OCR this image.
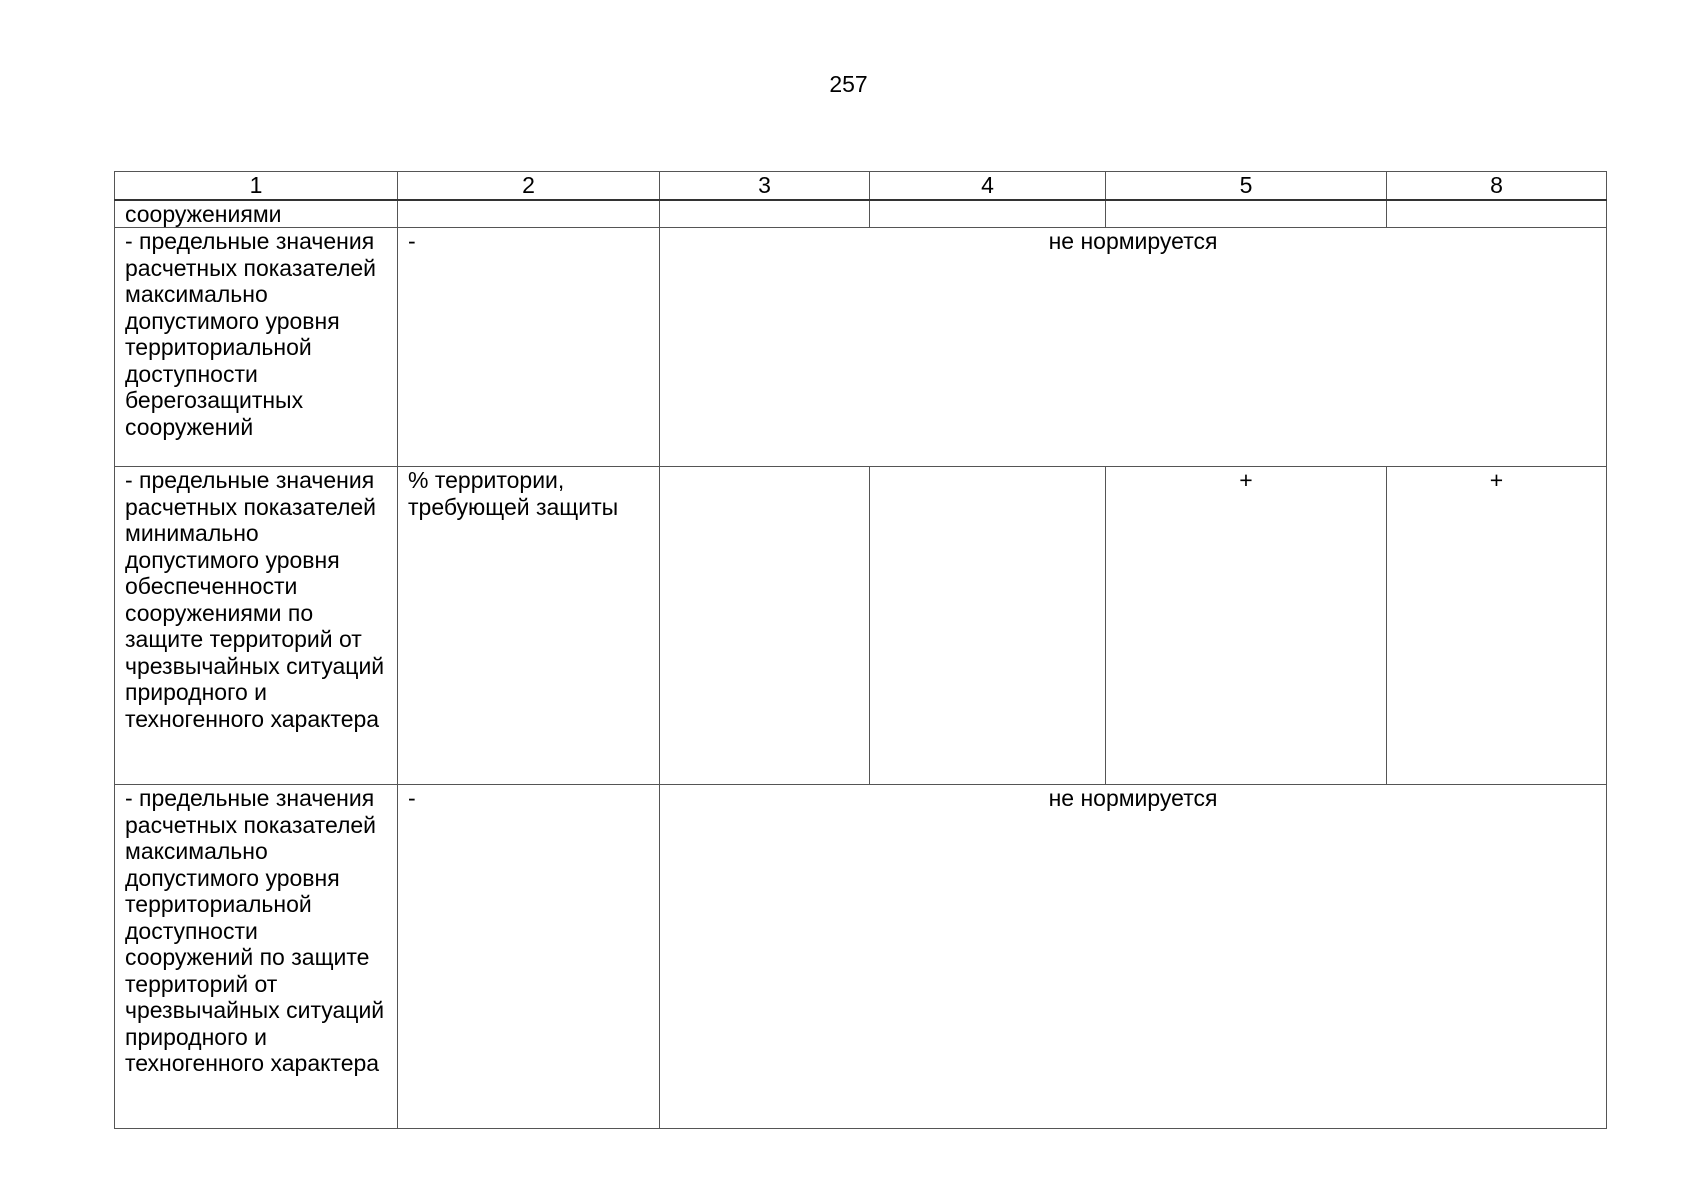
257
1	2	3	4	5	8
сооружениями					
- предельные значения расчетных показателей максимально допустимого уровня территориальной доступности берегозащитных сооружений	-	не нормируется			
- предельные значения расчетных показателей минимально допустимого уровня обеспеченности сооружениями по защите территорий от чрезвычайных ситуаций природного и техногенного характера	% территории, требующей защиты			+	+
- предельные значения расчетных показателей максимально допустимого уровня территориальной доступности сооружений по защите территорий от чрезвычайных ситуаций природного и техногенного характера	-	не нормируется			
